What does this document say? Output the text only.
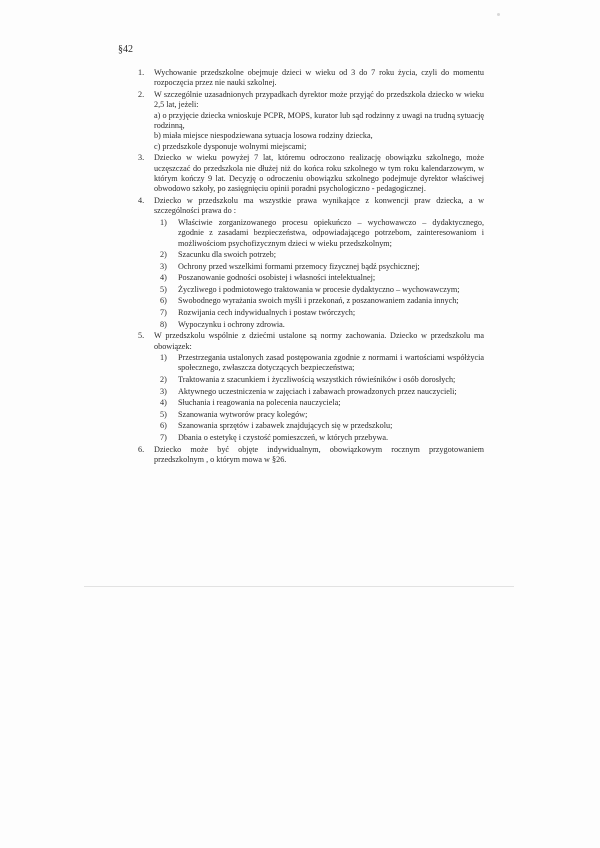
§42
1. Wychowanie przedszkolne obejmuje dzieci w wieku od 3 do 7 roku życia, czyli do momentu rozpoczęcia przez nie nauki szkolnej.

2. W szczególnie uzasadnionych przypadkach dyrektor może przyjąć do przedszkola dziecko w wieku 2,5 lat, jeżeli:

a) o przyjęcie dziecka wnioskuje PCPR, MOPS, kurator lub sąd rodzinny z uwagi na trudną sytuację rodzinną,

b) miała miejsce niespodziewana sytuacja losowa rodziny dziecka,

c) przedszkole dysponuje wolnymi miejscami;

3. Dziecko w wieku powyżej 7 lat, któremu odroczono realizację obowiązku szkolnego, może uczęszczać do przedszkola nie dłużej niż do końca roku szkolnego w tym roku kalendarzowym, w którym kończy 9 lat. Decyzję o odroczeniu obowiązku szkolnego podejmuje dyrektor właściwej obwodowo szkoły, po zasięgnięciu opinii poradni psychologiczno - pedagogicznej.

4. Dziecko w przedszkolu ma wszystkie prawa wynikające z konwencji praw dziecka, a w szczególności prawa do :

1) Właściwie zorganizowanego procesu opiekuńczo – wychowawczo – dydaktycznego, zgodnie z zasadami bezpieczeństwa, odpowiadającego potrzebom, zainteresowaniom i możliwościom psychofizycznym dzieci w wieku przedszkolnym;

2) Szacunku dla swoich potrzeb;

3) Ochrony przed wszelkimi formami przemocy fizycznej bądź psychicznej;

4) Poszanowanie godności osobistej i własności intelektualnej;

5) Życzliwego i podmiotowego traktowania w procesie dydaktyczno – wychowawczym;

6) Swobodnego wyrażania swoich myśli i przekonań, z poszanowaniem zadania innych;

7) Rozwijania cech indywidualnych i postaw twórczych;

8) Wypoczynku i ochrony zdrowia.

5. W przedszkolu wspólnie z dziećmi ustalone są normy zachowania. Dziecko w przedszkolu ma obowiązek:

1) Przestrzegania ustalonych zasad postępowania zgodnie z normami i wartościami współżycia społecznego, zwłaszcza dotyczących bezpieczeństwa;

2) Traktowania z szacunkiem i życzliwością wszystkich rówieśników i osób dorosłych;

3) Aktywnego uczestniczenia w zajęciach i zabawach prowadzonych przez nauczycieli;

4) Słuchania i reagowania na polecenia nauczyciela;

5) Szanowania wytworów pracy kolegów;

6) Szanowania sprzętów i zabawek znajdujących się w przedszkolu;

7) Dbania o estetykę i czystość pomieszczeń, w których przebywa.

6. Dziecko może być objęte indywidualnym, obowiązkowym rocznym przygotowaniem przedszkolnym , o którym mowa w §26.
